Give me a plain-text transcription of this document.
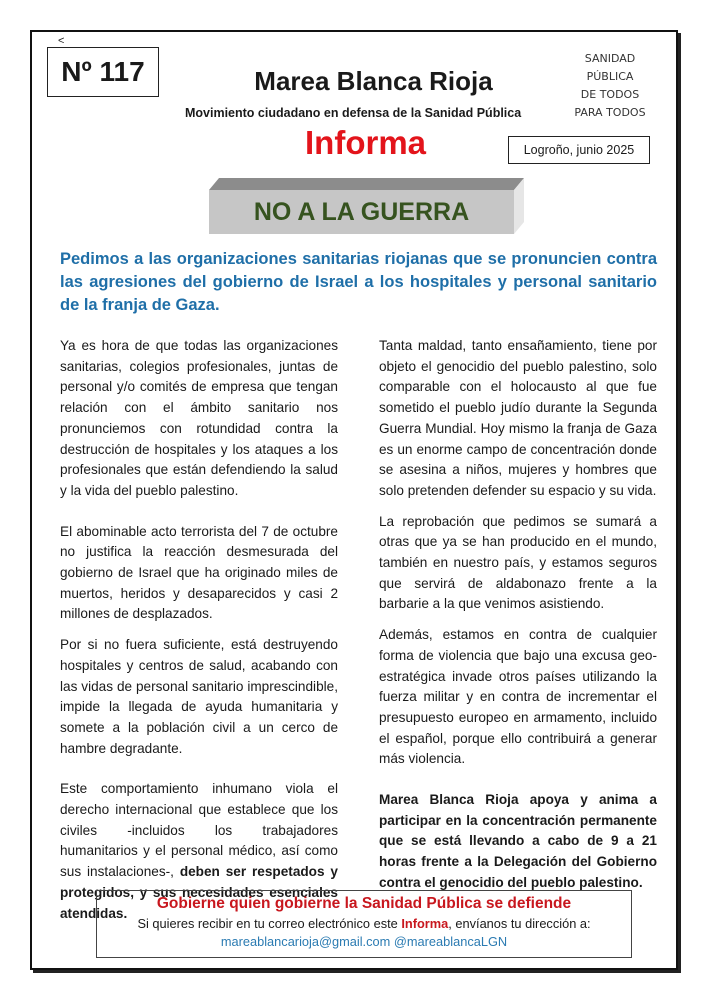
<
Nº 117	Marea Blanca Rioja
SANIDAD PÚBLICA
DE TODOS
PARA TODOS
Movimiento ciudadano en defensa de la Sanidad Pública
Informa	Logroño, junio 2025
NO A LA GUERRA
Pedimos a las organizaciones sanitarias riojanas que se pronuncien contra las agresiones del gobierno de Israel a los hospitales y personal sanitario de la franja de Gaza.

Ya es hora de que todas las organizaciones sanitarias, colegios profesionales, juntas de personal y/o comités de empresa que tengan relación con el ámbito sanitario nos pronunciemos con rotundidad contra la destrucción de hospitales y los ataques a los profesionales que están defendiendo la salud y la vida del pueblo palestino.

El abominable acto terrorista del 7 de octubre no justifica la reacción desmesurada del gobierno de Israel que ha originado miles de muertos, heridos y desaparecidos y casi 2 millones de desplazados.

Por si no fuera suficiente, está destruyendo hospitales y centros de salud, acabando con las vidas de personal sanitario imprescindible, impide la llegada de ayuda humanitaria y somete a la población civil a un cerco de hambre degradante.

Este comportamiento inhumano viola el derecho internacional que establece que los civiles -incluidos los trabajadores humanitarios y el personal médico, así como sus instalaciones-, deben ser respetados y protegidos, y sus necesidades esenciales atendidas.

Tanta maldad, tanto ensañamiento, tiene por objeto el genocidio del pueblo palestino, solo comparable con el holocausto al que fue sometido el pueblo judío durante la Segunda Guerra Mundial. Hoy mismo la franja de Gaza es un enorme campo de concentración donde se asesina a niños, mujeres y hombres que solo pretenden defender su espacio y su vida.

La reprobación que pedimos se sumará a otras que ya se han producido en el mundo, también en nuestro país, y estamos seguros que servirá de aldabonazo frente a la barbarie a la que venimos asistiendo.

Además, estamos en contra de cualquier forma de violencia que bajo una excusa geo-estratégica invade otros países utilizando la fuerza militar y en contra de incrementar el presupuesto europeo en armamento, incluido el español, porque ello contribuirá a generar más violencia.

Marea Blanca Rioja apoya y anima a participar en la concentración permanente que se está llevando a cabo de 9 a 21 horas frente a la Delegación del Gobierno contra el genocidio del pueblo palestino.

Gobierne quien gobierne la Sanidad Pública se defiende
Si quieres recibir en tu correo electrónico este Informa, envíanos tu dirección a:
mareablancarioja@gmail.com @mareablancaLGN
